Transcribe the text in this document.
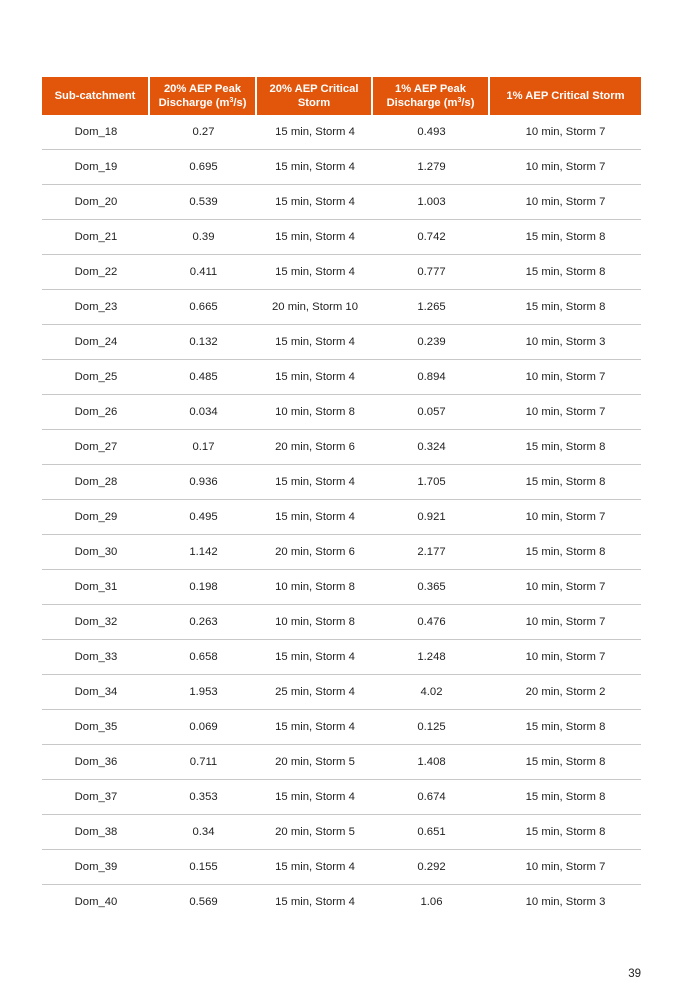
Sub-catchment	20% AEP Peak Discharge $(m^3/s)$	20% AEP Critical Storm	1% AEP Peak Discharge $(m^3/s)$	1% AEP Critical Storm
Dom_18	0.27	15 min, Storm 4	0.493	10 min, Storm 7
Dom_19	0.695	15 min, Storm 4	1.279	10 min, Storm 7
Dom_20	0.539	15 min, Storm 4	1.003	10 min, Storm 7
Dom_21	0.39	15 min, Storm 4	0.742	15 min, Storm 8
Dom_22	0.411	15 min, Storm 4	0.777	15 min, Storm 8
Dom_23	0.665	20 min, Storm 10	1.265	15 min, Storm 8
Dom_24	0.132	15 min, Storm 4	0.239	10 min, Storm 3
Dom_25	0.485	15 min, Storm 4	0.894	10 min, Storm 7
Dom_26	0.034	10 min, Storm 8	0.057	10 min, Storm 7
Dom_27	0.17	20 min, Storm 6	0.324	15 min, Storm 8
Dom_28	0.936	15 min, Storm 4	1.705	15 min, Storm 8
Dom_29	0.495	15 min, Storm 4	0.921	10 min, Storm 7
Dom_30	1.142	20 min, Storm 6	2.177	15 min, Storm 8
Dom_31	0.198	10 min, Storm 8	0.365	10 min, Storm 7
Dom_32	0.263	10 min, Storm 8	0.476	10 min, Storm 7
Dom_33	0.658	15 min, Storm 4	1.248	10 min, Storm 7
Dom_34	1.953	25 min, Storm 4	4.02	20 min, Storm 2
Dom_35	0.069	15 min, Storm 4	0.125	15 min, Storm 8
Dom_36	0.711	20 min, Storm 5	1.408	15 min, Storm 8
Dom_37	0.353	15 min, Storm 4	0.674	15 min, Storm 8
Dom_38	0.34	20 min, Storm 5	0.651	15 min, Storm 8
Dom_39	0.155	15 min, Storm 4	0.292	10 min, Storm 7
Dom_40	0.569	15 min, Storm 4	1.06	10 min, Storm 3
39
